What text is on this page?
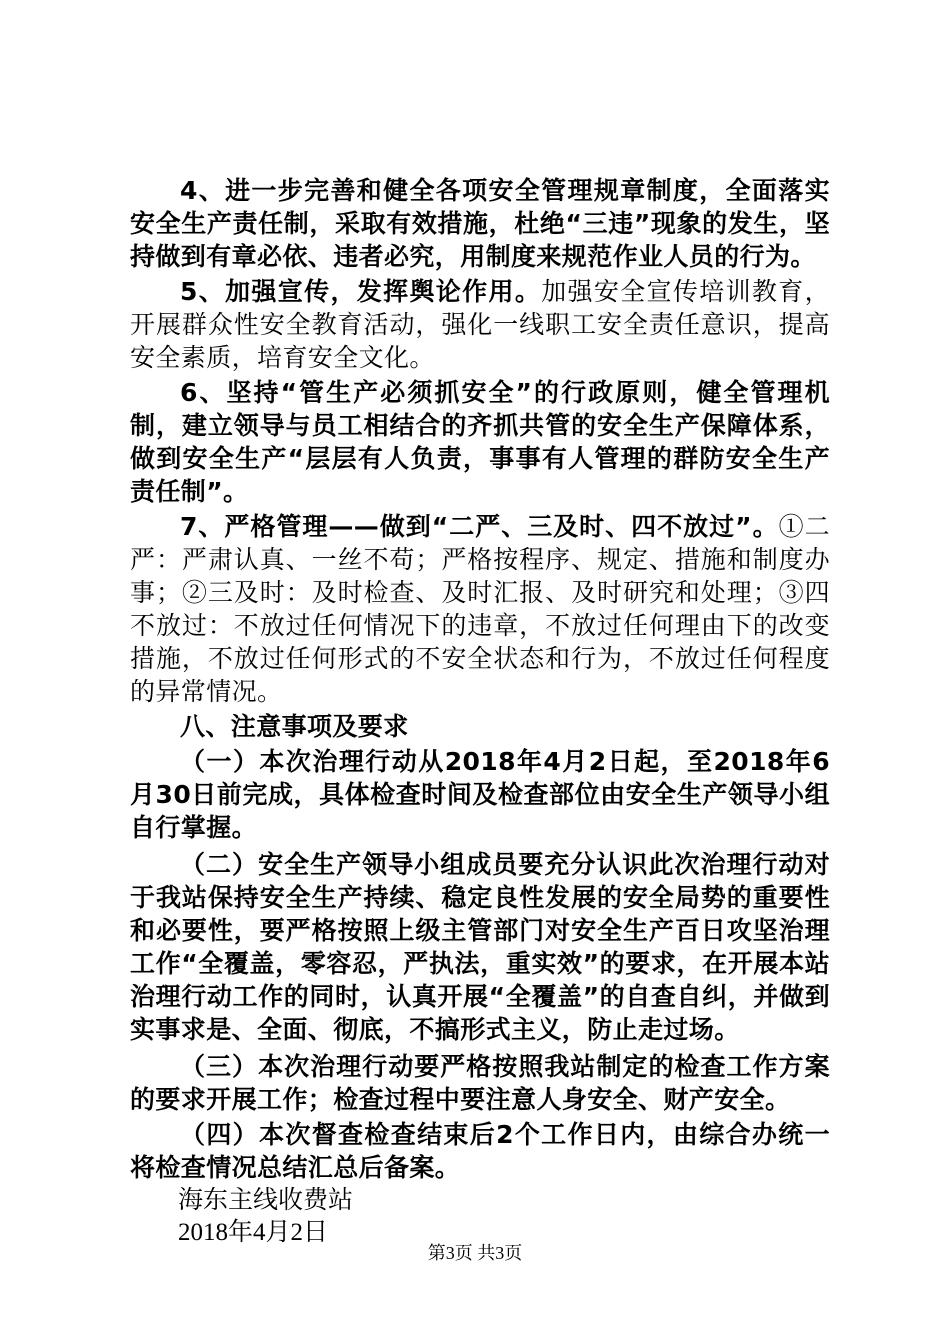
4、进一步完善和健全各项安全管理规章制度，全面落实安全生产责任制，采取有效措施，杜绝“三违”现象的发生，坚持做到有章必依、违者必究，用制度来规范作业人员的行为。

5、加强宣传，发挥舆论作用。加强安全宣传培训教育，开展群众性安全教育活动，强化一线职工安全责任意识，提高安全素质，培育安全文化。

6、坚持“管生产必须抓安全”的行政原则，健全管理机制，建立领导与员工相结合的齐抓共管的安全生产保障体系，做到安全生产“层层有人负责，事事有人管理的群防安全生产责任制”。

7、严格管理——做到“二严、三及时、四不放过”。①二严：严肃认真、一丝不苟；严格按程序、规定、措施和制度办事；②三及时：及时检查、及时汇报、及时研究和处理；③四不放过：不放过任何情况下的违章，不放过任何理由下的改变措施，不放过任何形式的不安全状态和行为，不放过任何程度的异常情况。

八、注意事项及要求

（一）本次治理行动从2018年4月2日起，至2018年6月30日前完成，具体检查时间及检查部位由安全生产领导小组自行掌握。

（二）安全生产领导小组成员要充分认识此次治理行动对于我站保持安全生产持续、稳定良性发展的安全局势的重要性和必要性，要严格按照上级主管部门对安全生产百日攻坚治理工作“全覆盖，零容忍，严执法，重实效”的要求，在开展本站治理行动工作的同时，认真开展“全覆盖”的自查自纠，并做到实事求是、全面、彻底，不搞形式主义，防止走过场。

（三）本次治理行动要严格按照我站制定的检查工作方案的要求开展工作；检查过程中要注意人身安全、财产安全。

（四）本次督查检查结束后2个工作日内，由综合办统一将检查情况总结汇总后备案。

海东主线收费站

2018年4月2日

第3页 共3页
